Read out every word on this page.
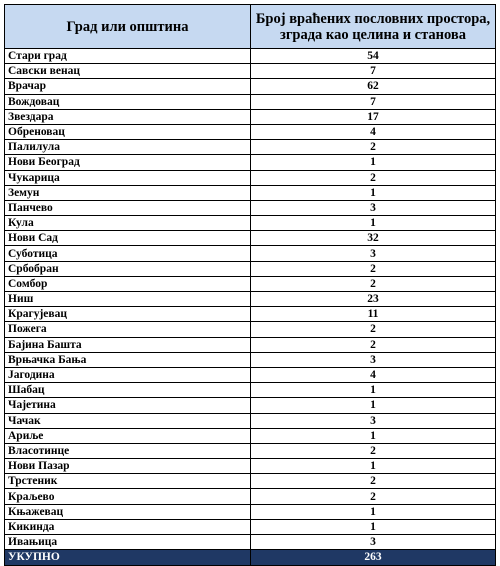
Град или општина	Број враћених пословних простора,
зграда као целина и станова

Стари град	54
Савски венац	7
Врачар	62
Вождовац	7
Звездара	17
Обреновац	4
Палилула	2
Нови Београд	1
Чукарица	2
Земун	1
Панчево	3
Кула	1
Нови Сад	32
Суботица	3
Србобран	2
Сомбор	2
Ниш	23
Крагујевац	11
Пожега	2
Бајина Башта	2
Врњачка Бања	3
Јагодина	4
Шабац	1
Чајетина	1
Чачак	3
Ариље	1
Власотинце	2
Нови Пазар	1
Трстеник	2
Краљево	2
Књажевац	1
Кикинда	1
Ивањица	3
УКУПНО	263
